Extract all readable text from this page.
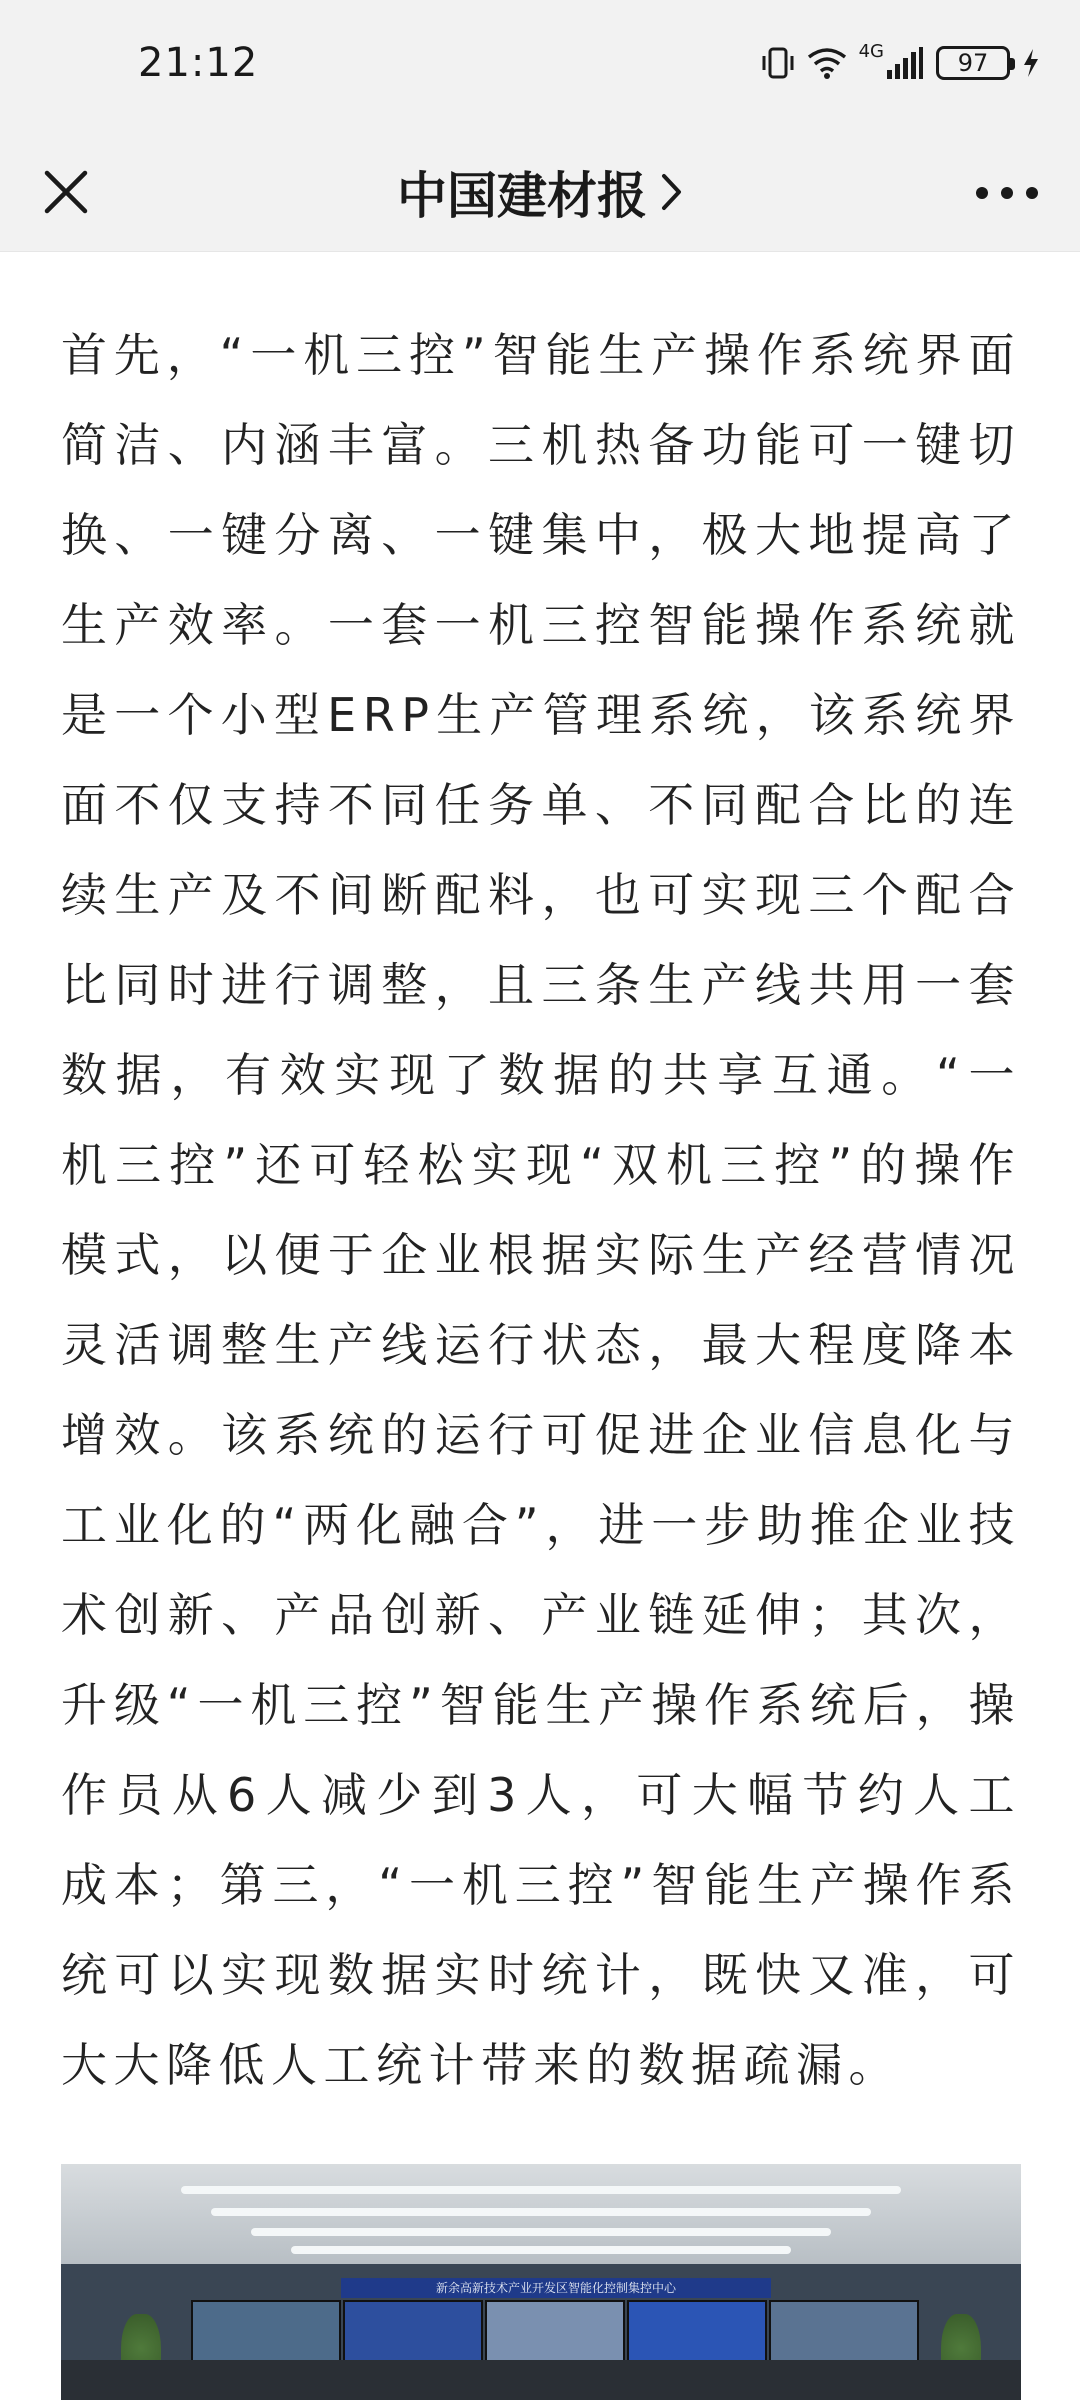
21:12	4G	97
中国建材报

首先，“一机三控”智能生产操作系统界面简洁、内涵丰富。三机热备功能可一键切换、一键分离、一键集中，极大地提高了生产效率。一套一机三控智能操作系统就是一个小型ERP生产管理系统，该系统界面不仅支持不同任务单、不同配合比的连续生产及不间断配料，也可实现三个配合比同时进行调整，且三条生产线共用一套数据，有效实现了数据的共享互通。“一机三控”还可轻松实现“双机三控”的操作模式，以便于企业根据实际生产经营情况灵活调整生产线运行状态，最大程度降本增效。该系统的运行可促进企业信息化与工业化的“两化融合”，进一步助推企业技术创新、产品创新、产业链延伸；其次，升级“一机三控”智能生产操作系统后，操作员从6人减少到3人，可大幅节约人工成本；第三，“一机三控”智能生产操作系统可以实现数据实时统计，既快又准，可大大降低人工统计带来的数据疏漏。

新余高新技术产业开发区智能化控制集控中心
